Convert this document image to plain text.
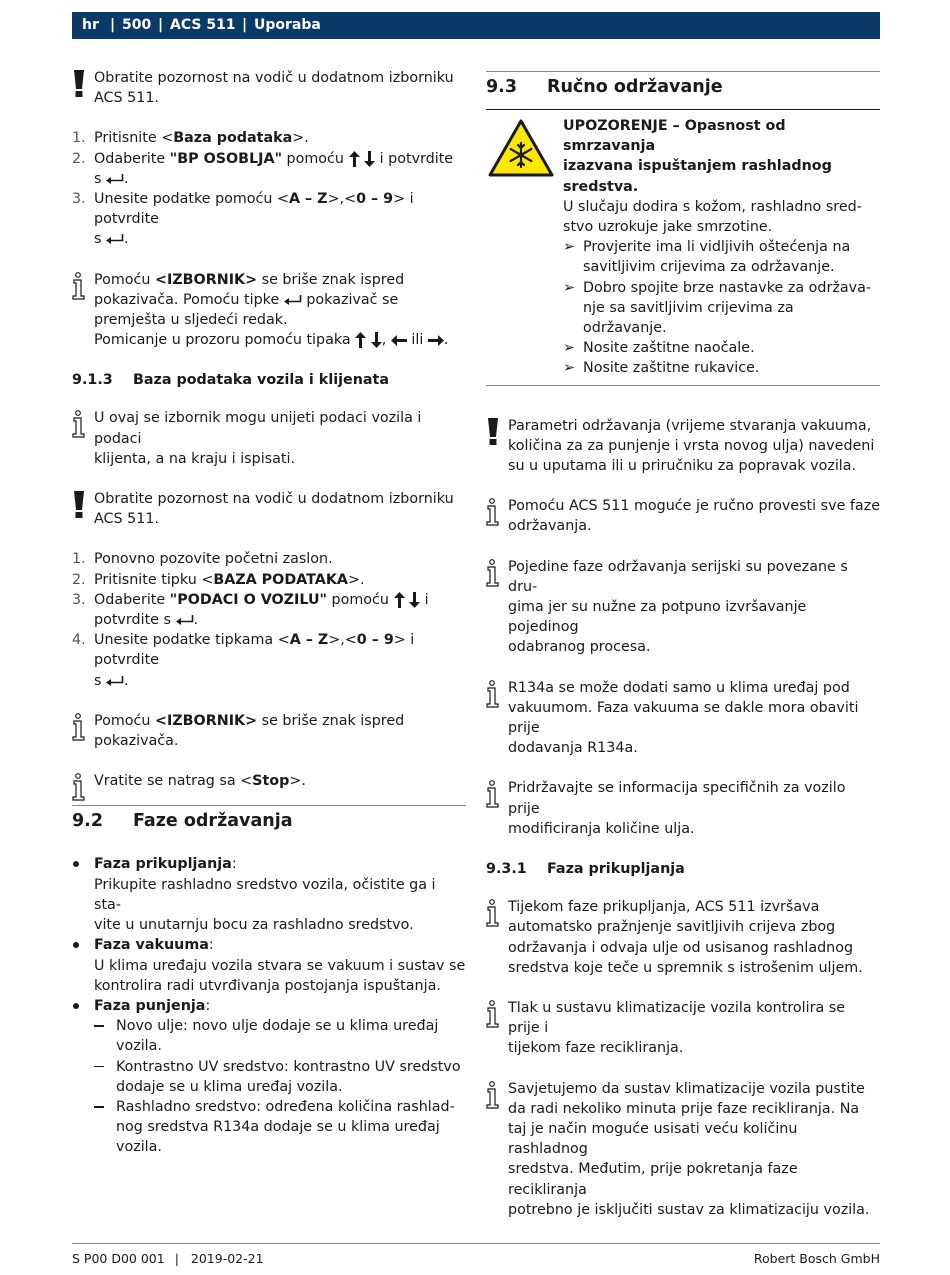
hr | 500 | ACS 511 | Uporaba

Obratite pozornost na vodič u dodatnom izborniku

ACS 511.

1. Pritisnite <Baza podataka>.
2. Odaberite "BP OSOBLJA" pomoću   i potvrdite
s .
3. Unesite podatke pomoću <A – Z>,<0 – 9> i potvrdite
s .

Pomoću <IZBORNIK> se briše znak ispred

pokazivača. Pomoću tipke  pokazivač se

premješta u sljedeći redak.

Pomicanje u prozoru pomoću tipaka  ,  ili .

9.1.3 Baza podataka vozila i klijenata

U ovaj se izbornik mogu unijeti podaci vozila i podaci

klijenta, a na kraju i ispisati.

Obratite pozornost na vodič u dodatnom izborniku

ACS 511.

1. Ponovno pozovite početni zaslon.
2. Pritisnite tipku <BAZA PODATAKA>.
3. Odaberite "PODACI O VOZILU" pomoću   i
potvrdite s .
4. Unesite podatke tipkama <A – Z>,<0 – 9> i potvrdite
s .

Pomoću <IZBORNIK> se briše znak ispred

pokazivača.

Vratite se natrag sa <Stop>.

9.2 Faze održavanja
Faza prikupljanja:
Prikupite rashladno sredstvo vozila, očistite ga i sta-
vite u unutarnju bocu za rashladno sredstvo.
Faza vakuuma:
U klima uređaju vozila stvara se vakuum i sustav se
kontrolira radi utvrđivanja postojanja ispuštanja.
Faza punjenja:
Novo ulje: novo ulje dodaje se u klima uređaj
vozila.
Kontrastno UV sredstvo: kontrastno UV sredstvo
dodaje se u klima uređaj vozila.
Rashladno sredstvo: određena količina rashlad-
nog sredstva R134a dodaje se u klima uređaj
vozila.
9.3 Ručno održavanje

UPOZORENJE – Opasnost od smrzavanja

izazvana ispuštanjem rashladnog sredstva.

U slučaju dodira s kožom, rashladno sred-

stvo uzrokuje jake smrzotine.

➢ Provjerite ima li vidljivih oštećenja na
savitljivim crijevima za održavanje.
➢ Dobro spojite brze nastavke za održava-
nje sa savitljivim crijevima za održavanje.
➢ Nosite zaštitne naočale.
➢ Nosite zaštitne rukavice.

Parametri održavanja (vrijeme stvaranja vakuuma,

količina za za punjenje i vrsta novog ulja) navedeni

su u uputama ili u priručniku za popravak vozila.

Pomoću ACS 511 moguće je ručno provesti sve faze

održavanja.

Pojedine faze održavanja serijski su povezane s dru-

gima jer su nužne za potpuno izvršavanje pojedinog

odabranog procesa.

R134a se može dodati samo u klima uređaj pod

vakuumom. Faza vakuuma se dakle mora obaviti prije

dodavanja R134a.

Pridržavajte se informacija specifičnih za vozilo prije

modificiranja količine ulja.

9.3.1 Faza prikupljanja

Tijekom faze prikupljanja, ACS 511 izvršava

automatsko pražnjenje savitljivih crijeva zbog

održavanja i odvaja ulje od usisanog rashladnog

sredstva koje teče u spremnik s istrošenim uljem.

Tlak u sustavu klimatizacije vozila kontrolira se prije i

tijekom faze recikliranja.

Savjetujemo da sustav klimatizacije vozila pustite

da radi nekoliko minuta prije faze recikliranja. Na

taj je način moguće usisati veću količinu rashladnog

sredstva. Međutim, prije pokretanja faze recikliranja

potrebno je isključiti sustav za klimatizaciju vozila.

S P00 D00 001 | 2019-02-21	Robert Bosch GmbH
